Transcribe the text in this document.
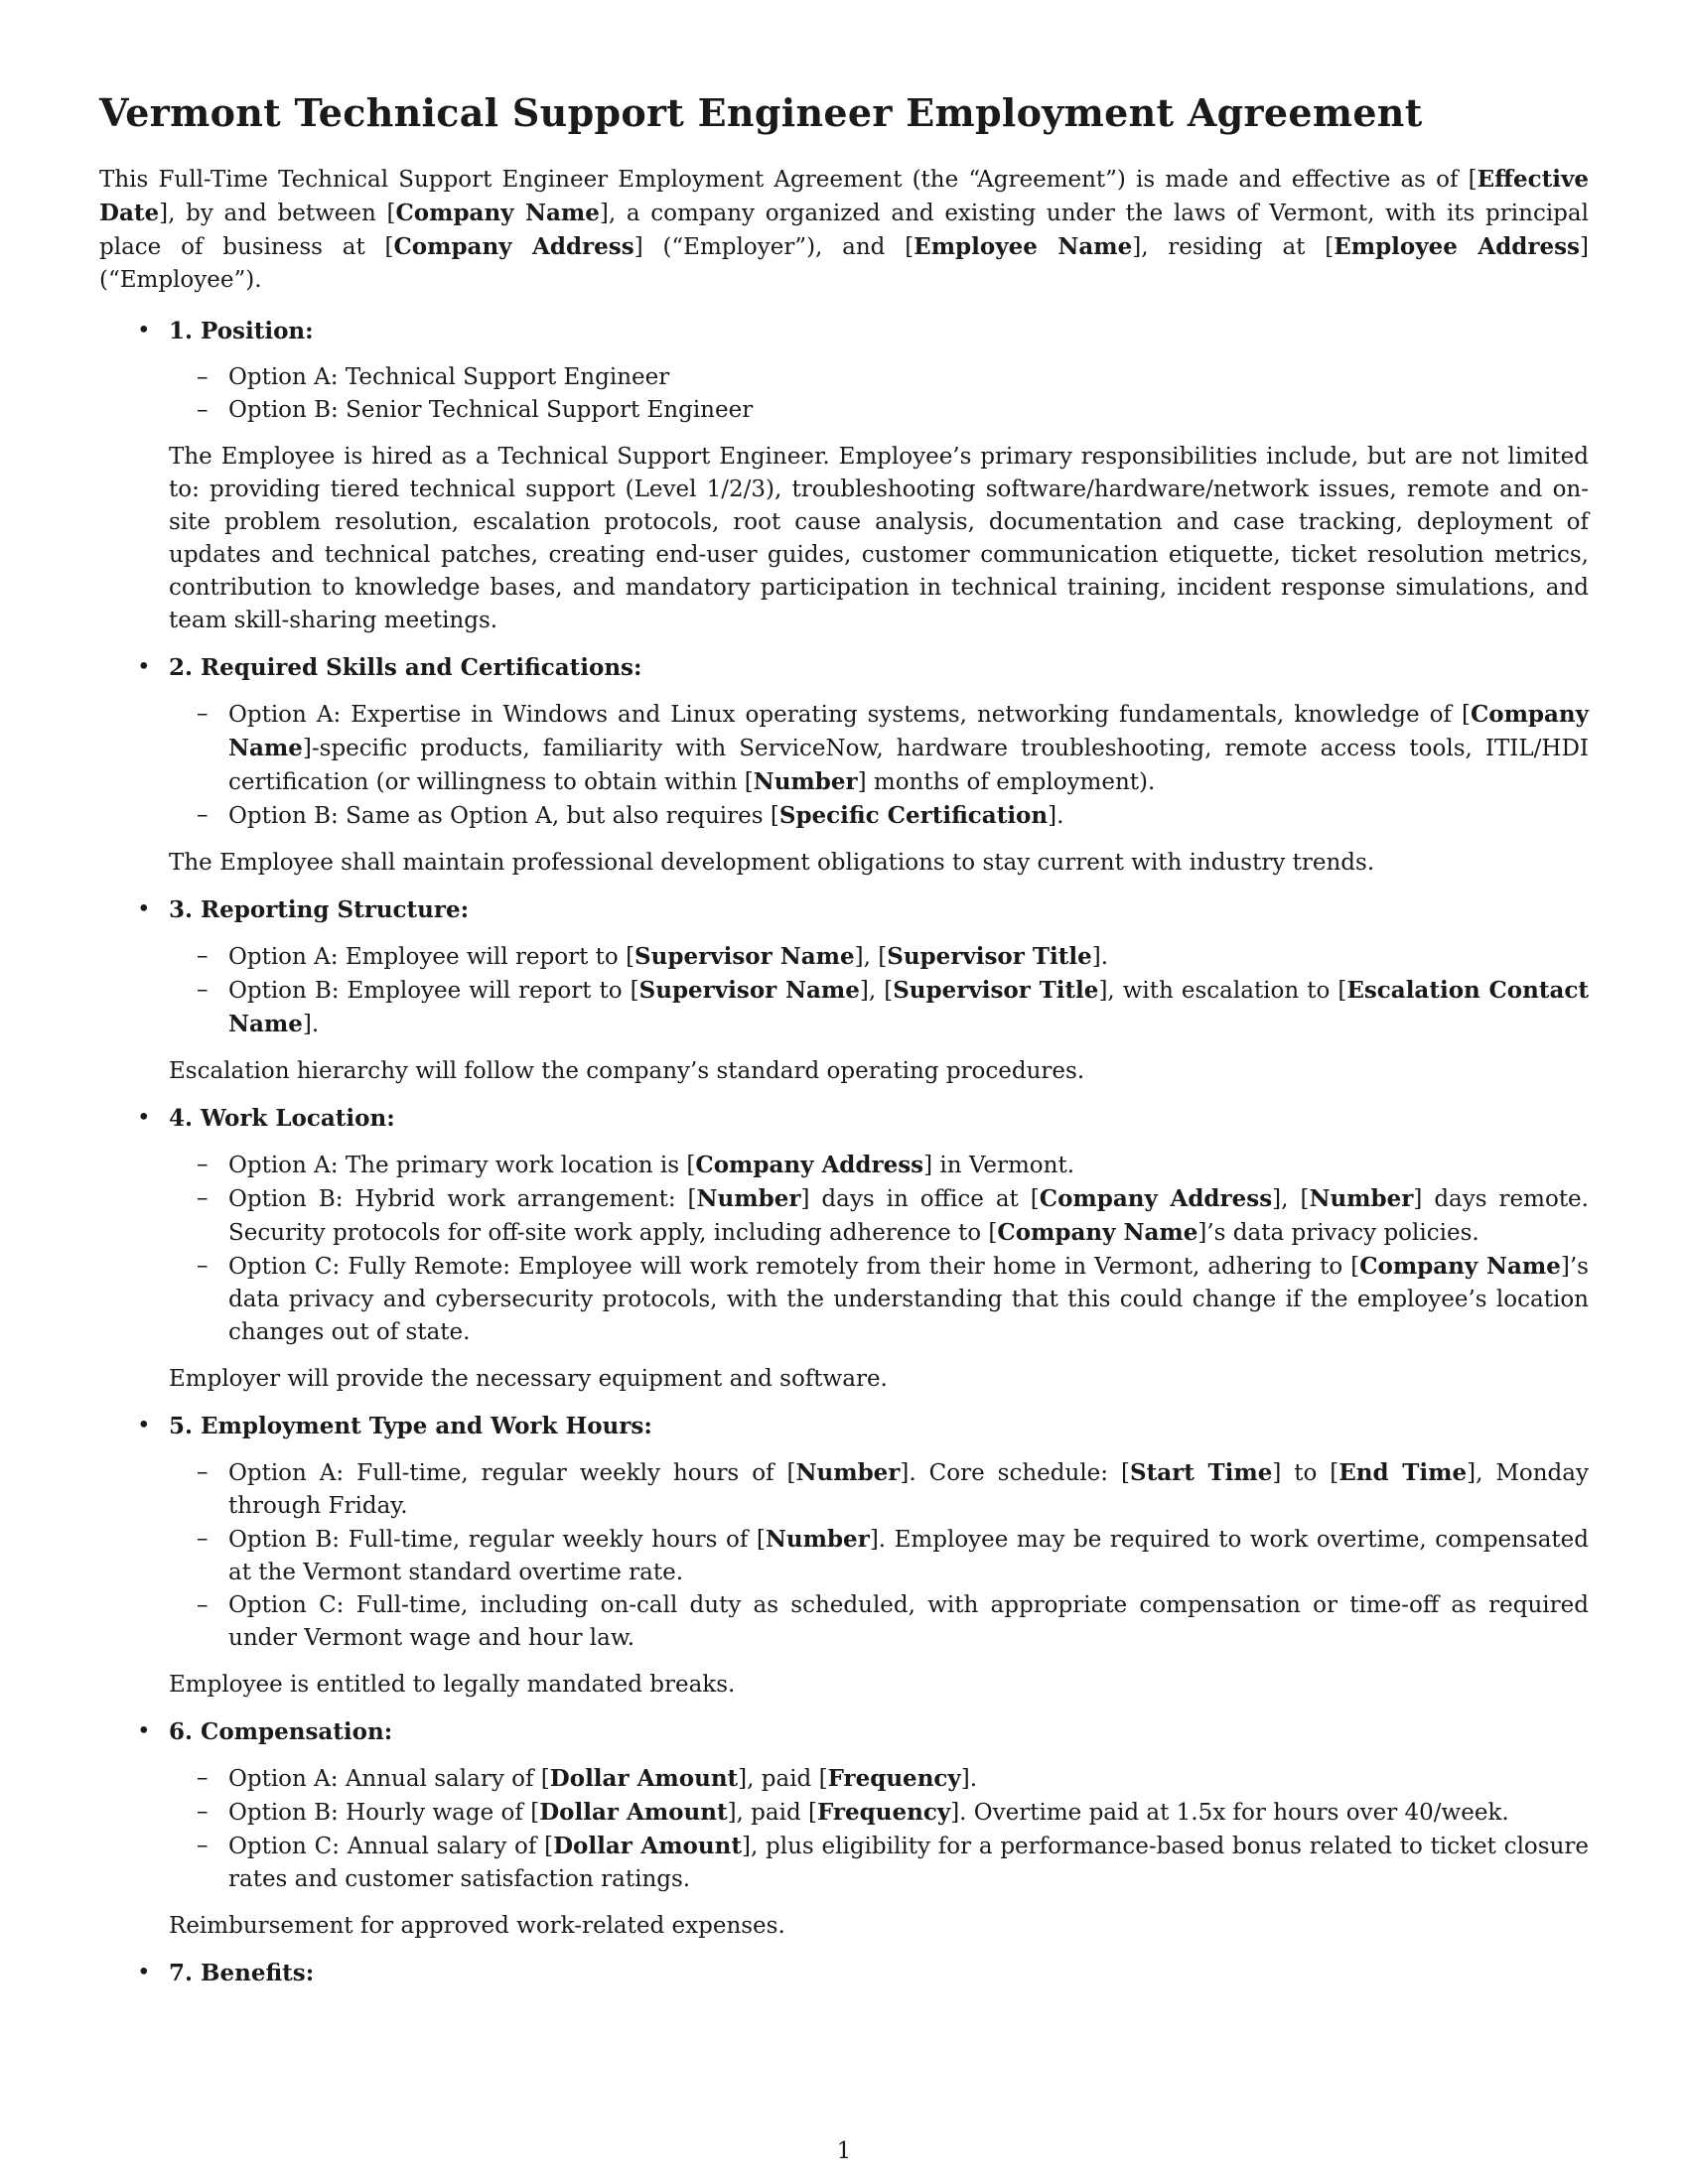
Vermont Technical Support Engineer Employment Agreement

This Full-Time Technical Support Engineer Employment Agreement (the “Agreement”) is made and effective as of [Effective Date], by and between [Company Name], a company organized and existing under the laws of Vermont, with its principal place of business at [Company Address] (“Employer”), and [Employee Name], residing at [Employee Address] (“Employee”).

• 1. Position:
– Option A: Technical Support Engineer
– Option B: Senior Technical Support Engineer

The Employee is hired as a Technical Support Engineer. Employee’s primary responsibilities include, but are not limited to: providing tiered technical support (Level 1/2/3), troubleshooting software/hardware/network issues, remote and on-site problem resolution, escalation protocols, root cause analysis, documentation and case tracking, deployment of updates and technical patches, creating end-user guides, customer communication etiquette, ticket resolution metrics, contribution to knowledge bases, and mandatory participation in technical training, incident response simulations, and team skill-sharing meetings.

• 2. Required Skills and Certifications:
– Option A: Expertise in Windows and Linux operating systems, networking fundamentals, knowledge of [Company Name]-specific products, familiarity with ServiceNow, hardware troubleshooting, remote access tools, ITIL/HDI certification (or willingness to obtain within [Number] months of employment).
– Option B: Same as Option A, but also requires [Specific Certification].

The Employee shall maintain professional development obligations to stay current with industry trends.

• 3. Reporting Structure:
– Option A: Employee will report to [Supervisor Name], [Supervisor Title].
– Option B: Employee will report to [Supervisor Name], [Supervisor Title], with escalation to [Escalation Contact Name].

Escalation hierarchy will follow the company’s standard operating procedures.

• 4. Work Location:
– Option A: The primary work location is [Company Address] in Vermont.
– Option B: Hybrid work arrangement: [Number] days in office at [Company Address], [Number] days remote. Security protocols for off-site work apply, including adherence to [Company Name]’s data privacy policies.
– Option C: Fully Remote: Employee will work remotely from their home in Vermont, adhering to [Company Name]’s data privacy and cybersecurity protocols, with the understanding that this could change if the employee’s location changes out of state.

Employer will provide the necessary equipment and software.

• 5. Employment Type and Work Hours:
– Option A: Full-time, regular weekly hours of [Number]. Core schedule: [Start Time] to [End Time], Monday through Friday.
– Option B: Full-time, regular weekly hours of [Number]. Employee may be required to work overtime, compensated at the Vermont standard overtime rate.
– Option C: Full-time, including on-call duty as scheduled, with appropriate compensation or time-off as required under Vermont wage and hour law.

Employee is entitled to legally mandated breaks.

• 6. Compensation:
– Option A: Annual salary of [Dollar Amount], paid [Frequency].
– Option B: Hourly wage of [Dollar Amount], paid [Frequency]. Overtime paid at 1.5x for hours over 40/week.
– Option C: Annual salary of [Dollar Amount], plus eligibility for a performance-based bonus related to ticket closure rates and customer satisfaction ratings.

Reimbursement for approved work-related expenses.

• 7. Benefits:
1
